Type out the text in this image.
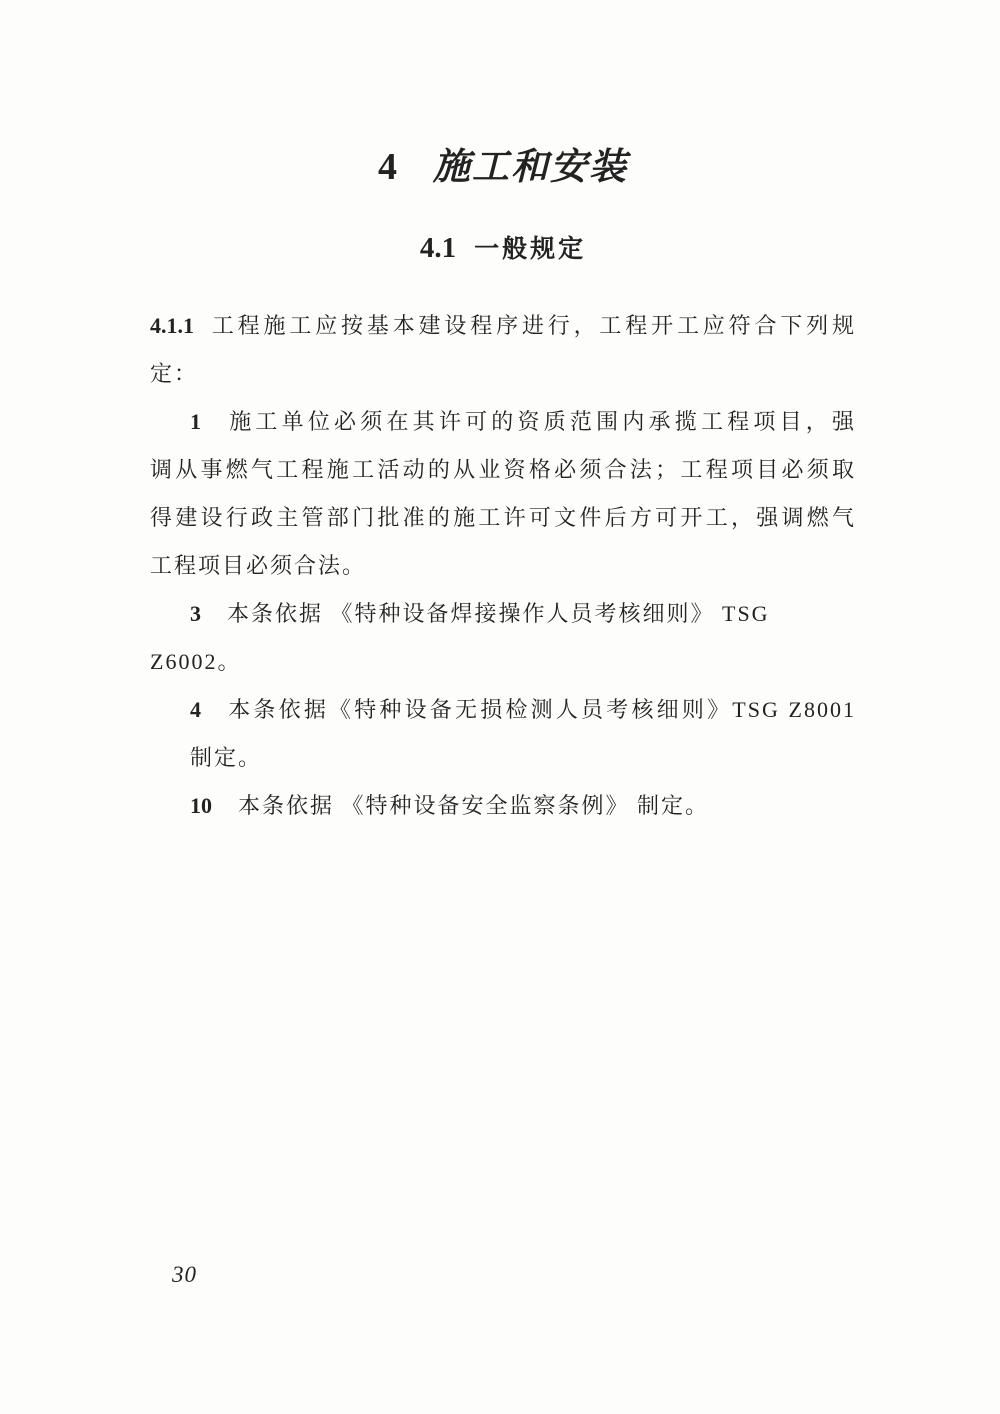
4 施工和安装
4.1 一般规定
4.1.1 工程施工应按基本建设程序进行，工程开工应符合下列规
定：
1 施工单位必须在其许可的资质范围内承揽工程项目，强
调从事燃气工程施工活动的从业资格必须合法；工程项目必须取
得建设行政主管部门批准的施工许可文件后方可开工，强调燃气
工程项目必须合法。
3 本条依据 《特种设备焊接操作人员考核细则》 TSG
Z6002。
4 本条依据《特种设备无损检测人员考核细则》TSG Z8001
制定。
10 本条依据 《特种设备安全监察条例》 制定。
30
